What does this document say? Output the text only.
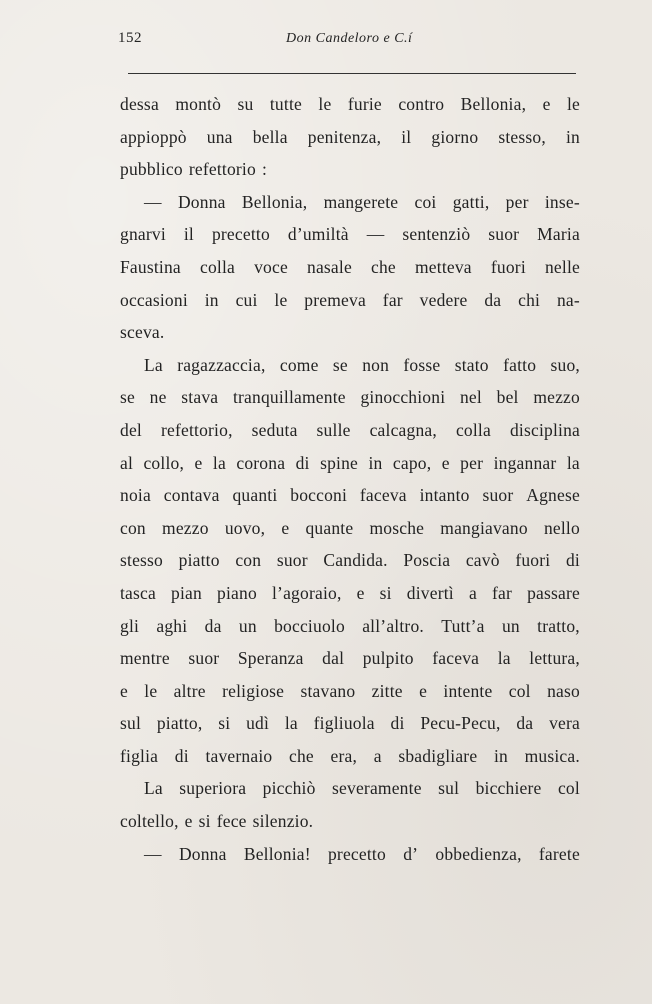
152	Don Candeloro e C.í
dessa montò su tutte le furie contro Bellonia, e le
appioppò una bella penitenza, il giorno stesso, in
pubblico refettorio :
— Donna Bellonia, mangerete coi gatti, per inse-
gnarvi il precetto d’umiltà — sentenziò suor Maria
Faustina colla voce nasale che metteva fuori nelle
occasioni in cui le premeva far vedere da chi na-
sceva.
La ragazzaccia, come se non fosse stato fatto suo,
se ne stava tranquillamente ginocchioni nel bel mezzo
del refettorio, seduta sulle calcagna, colla disciplina
al collo, e la corona di spine in capo, e per ingannar la
noia contava quanti bocconi faceva intanto suor Agnese
con mezzo uovo, e quante mosche mangiavano nello
stesso piatto con suor Candida. Poscia cavò fuori di
tasca pian piano l’agoraio, e si divertì a far passare
gli aghi da un bocciuolo all’altro. Tutt’a un tratto,
mentre suor Speranza dal pulpito faceva la lettura,
e le altre religiose stavano zitte e intente col naso
sul piatto, si udì la figliuola di Pecu-Pecu, da vera
figlia di tavernaio che era, a sbadigliare in musica.
La superiora picchiò severamente sul bicchiere col
coltello, e si fece silenzio.
— Donna Bellonia! precetto d’ obbedienza, farete
